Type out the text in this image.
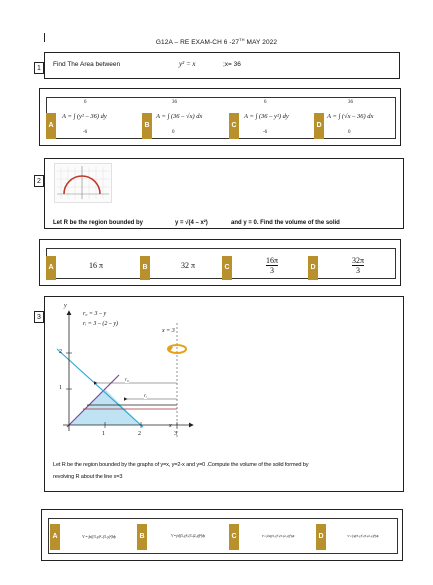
G12A – RE EXAM-CH 6 -27TH MAY 2022
1
Find The Area between	y² = x	;x= 36
A
6
A = ∫ (y² – 36) dy
-6
B
36
A = ∫ (36 – √x) dx
0
C
6
A = ∫ (36 – y²) dy
-6
D
36
A = ∫ (√x – 36) dx
0
2
Let R be the region bounded by	y = √(4 – x²)	and y = 0. Find the volume of the solid
A	16 π	B	32 π	C	$\frac{16\pi}{3}$	D	$\frac{32\pi}{3}$
3
y
r₀ = 3 – y
rᵢ = 3 – (2 – y)
x = 3
2
1
1	2	3
x
r₀
rᵢ
Let R be the region bounded by the graphs of y=x, y=2-x and y=0 .Compute the volume of the solid formed by
revolving R about the line x=3
A	V = ∫π[(3–y)²–(3–y)²]dy	B	V = ∫π[(3–y)²–(3–(2–y))²]dy	C	V = ∫2π[(3–y)²–(3–(2–y))²]dy	D	V = ∫π[(3–y)²–(3–(2–y))²]dy
